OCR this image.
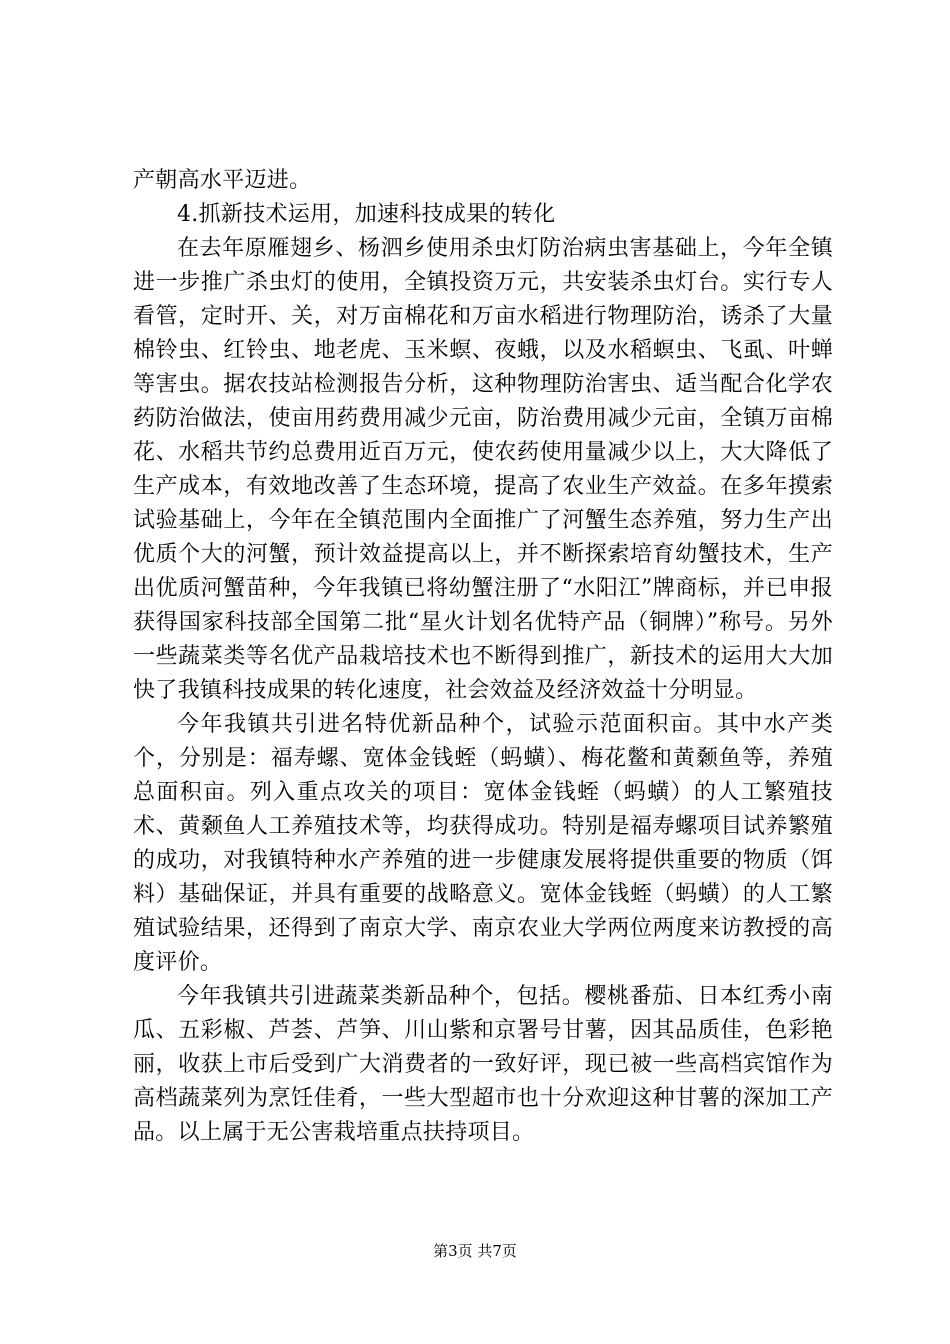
产朝高水平迈进。

4.抓新技术运用，加速科技成果的转化

在去年原雁翅乡、杨泗乡使用杀虫灯防治病虫害基础上，今年全镇进一步推广杀虫灯的使用，全镇投资万元，共安装杀虫灯台。实行专人看管，定时开、关，对万亩棉花和万亩水稻进行物理防治，诱杀了大量棉铃虫、红铃虫、地老虎、玉米螟、夜蛾，以及水稻螟虫、飞虱、叶蝉等害虫。据农技站检测报告分析，这种物理防治害虫、适当配合化学农药防治做法，使亩用药费用减少元亩，防治费用减少元亩，全镇万亩棉花、水稻共节约总费用近百万元，使农药使用量减少以上，大大降低了生产成本，有效地改善了生态环境，提高了农业生产效益。在多年摸索试验基础上，今年在全镇范围内全面推广了河蟹生态养殖，努力生产出优质个大的河蟹，预计效益提高以上，并不断探索培育幼蟹技术，生产出优质河蟹苗种，今年我镇已将幼蟹注册了“水阳江”牌商标，并已申报获得国家科技部全国第二批“星火计划名优特产品（铜牌）”称号。另外一些蔬菜类等名优产品栽培技术也不断得到推广，新技术的运用大大加快了我镇科技成果的转化速度，社会效益及经济效益十分明显。

今年我镇共引进名特优新品种个，试验示范面积亩。其中水产类个，分别是：福寿螺、宽体金钱蛭（蚂蟥）、梅花鳖和黄颡鱼等，养殖总面积亩。列入重点攻关的项目：宽体金钱蛭（蚂蟥）的人工繁殖技术、黄颡鱼人工养殖技术等，均获得成功。特别是福寿螺项目试养繁殖的成功，对我镇特种水产养殖的进一步健康发展将提供重要的物质（饵料）基础保证，并具有重要的战略意义。宽体金钱蛭（蚂蟥）的人工繁殖试验结果，还得到了南京大学、南京农业大学两位两度来访教授的高度评价。

今年我镇共引进蔬菜类新品种个，包括。樱桃番茄、日本红秀小南瓜、五彩椒、芦荟、芦笋、川山紫和京署号甘薯，因其品质佳，色彩艳丽，收获上市后受到广大消费者的一致好评，现已被一些高档宾馆作为高档蔬菜列为烹饪佳肴，一些大型超市也十分欢迎这种甘薯的深加工产品。以上属于无公害栽培重点扶持项目。

第3页 共7页
